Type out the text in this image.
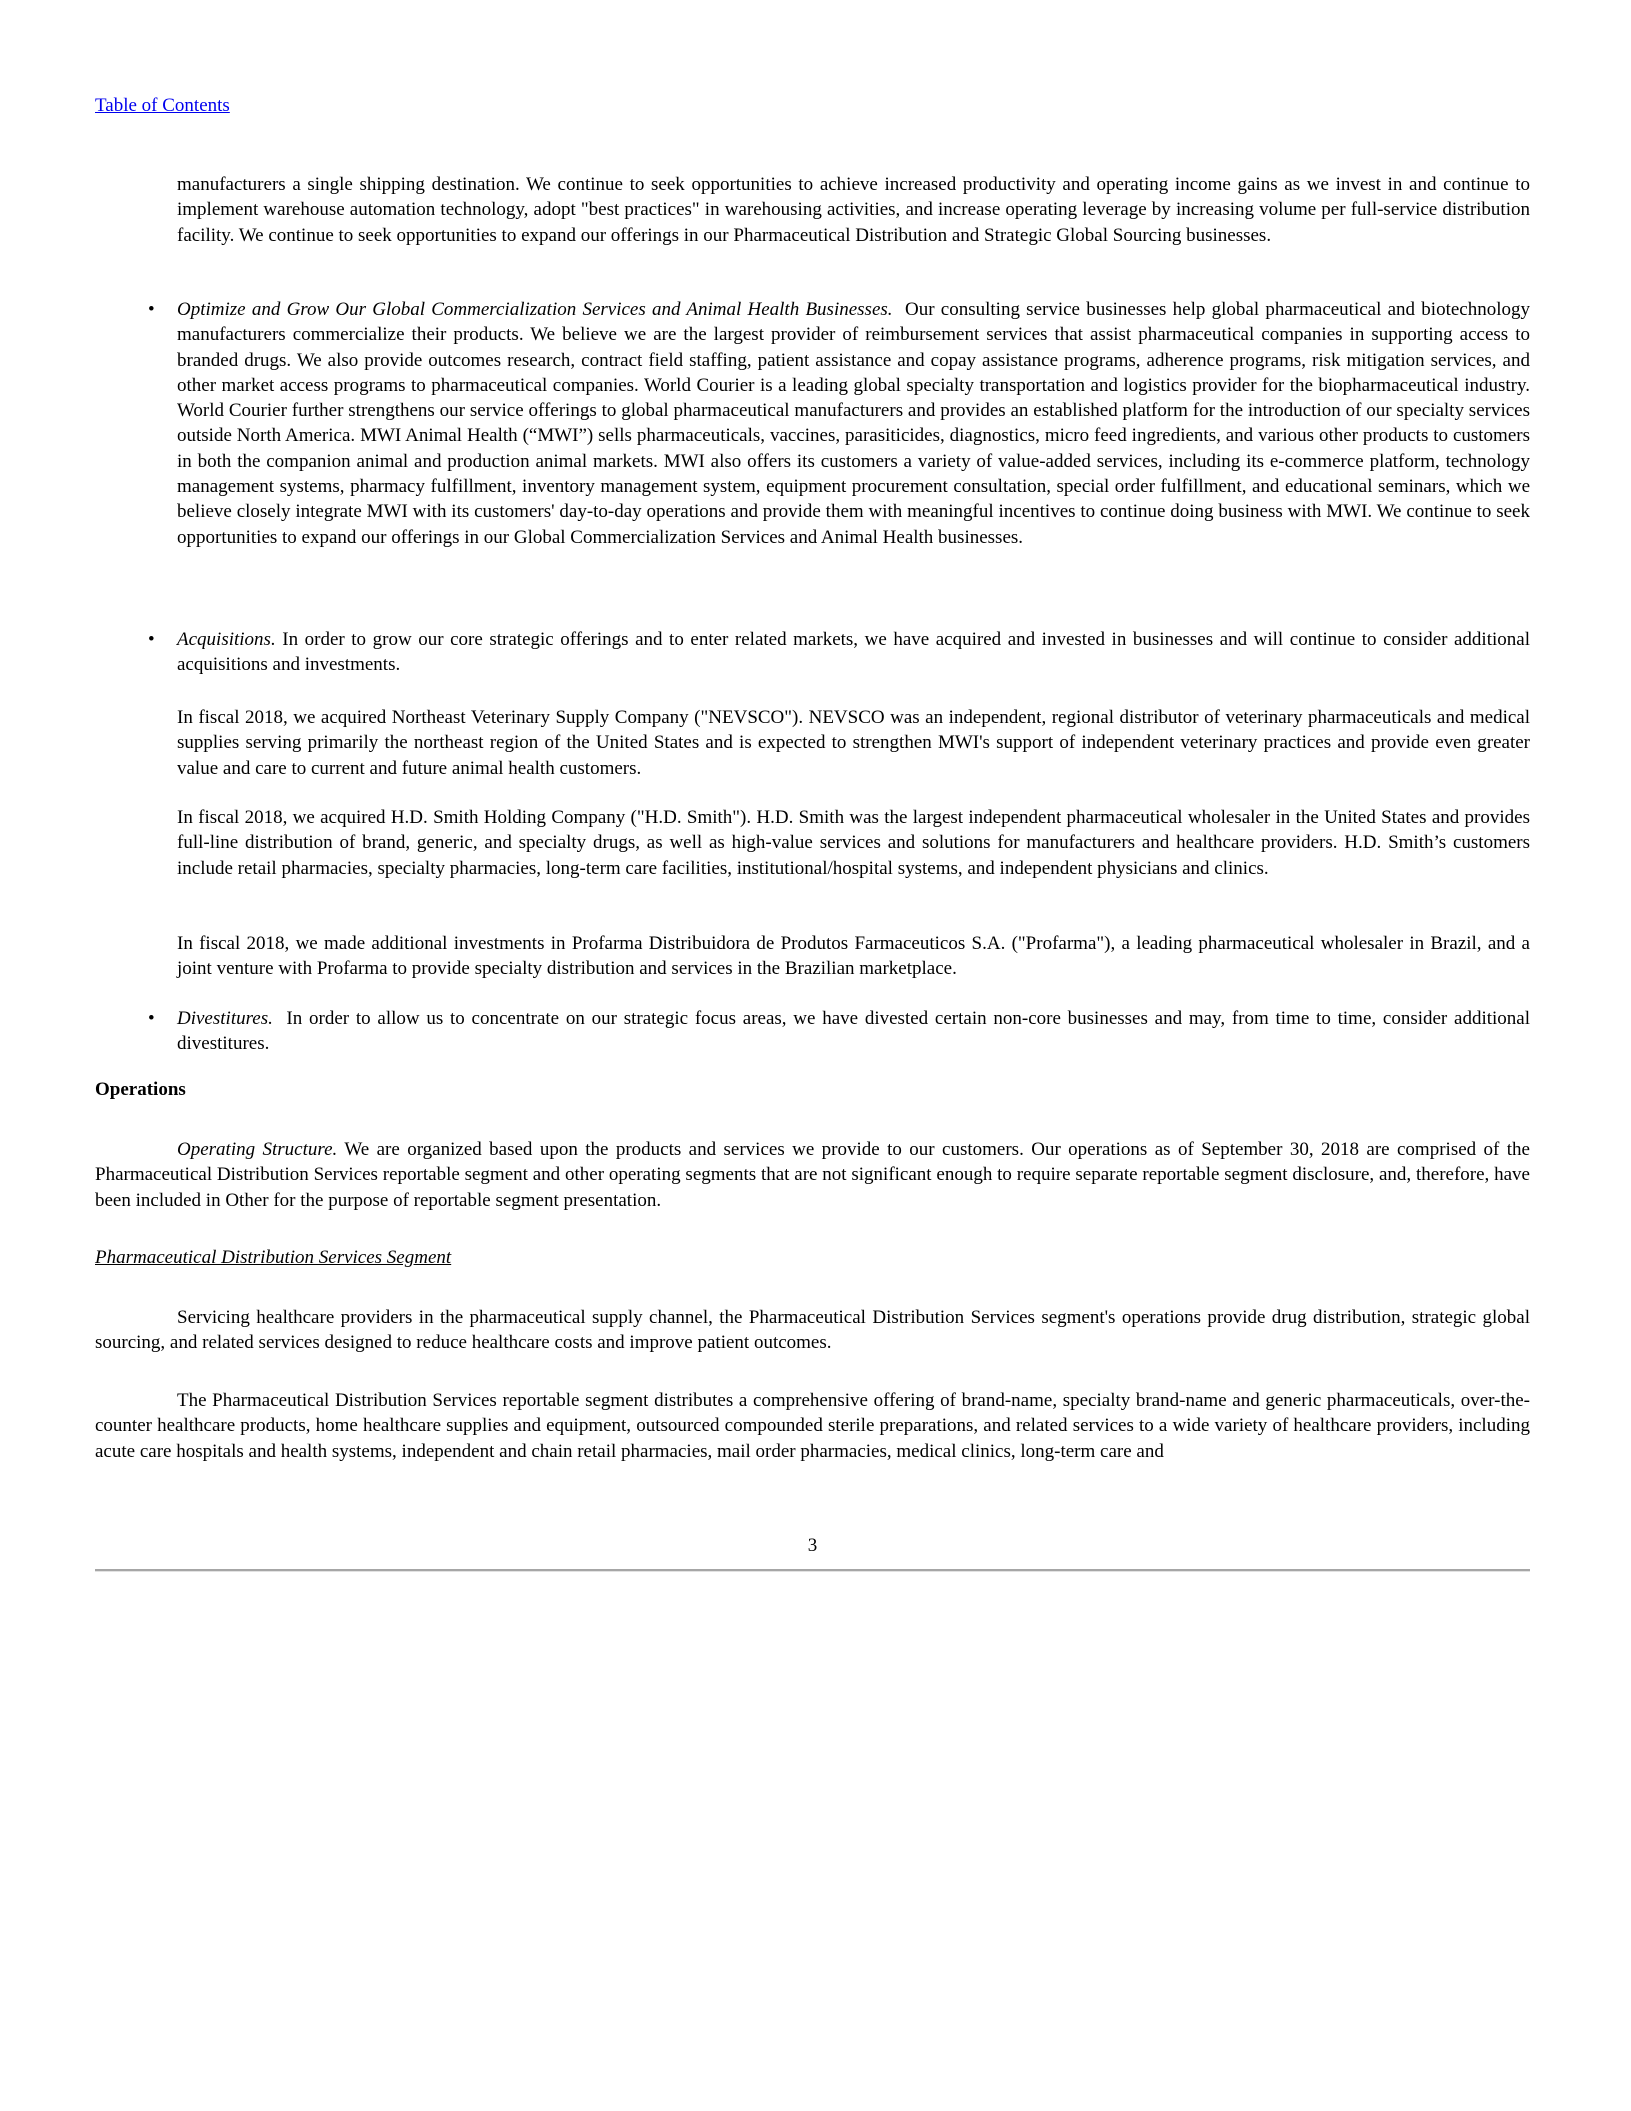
Table of Contents

manufacturers a single shipping destination. We continue to seek opportunities to achieve increased productivity and operating income gains as we invest in and continue to implement warehouse automation technology, adopt "best practices" in warehousing activities, and increase operating leverage by increasing volume per full-service distribution facility. We continue to seek opportunities to expand our offerings in our Pharmaceutical Distribution and Strategic Global Sourcing businesses.

• Optimize and Grow Our Global Commercialization Services and Animal Health Businesses.  Our consulting service businesses help global pharmaceutical and biotechnology manufacturers commercialize their products. We believe we are the largest provider of reimbursement services that assist pharmaceutical companies in supporting access to branded drugs. We also provide outcomes research, contract field staffing, patient assistance and copay assistance programs, adherence programs, risk mitigation services, and other market access programs to pharmaceutical companies. World Courier is a leading global specialty transportation and logistics provider for the biopharmaceutical industry. World Courier further strengthens our service offerings to global pharmaceutical manufacturers and provides an established platform for the introduction of our specialty services outside North America. MWI Animal Health (“MWI”) sells pharmaceuticals, vaccines, parasiticides, diagnostics, micro feed ingredients, and various other products to customers in both the companion animal and production animal markets. MWI also offers its customers a variety of value-added services, including its e-commerce platform, technology management systems, pharmacy fulfillment, inventory management system, equipment procurement consultation, special order fulfillment, and educational seminars, which we believe closely integrate MWI with its customers' day-to-day operations and provide them with meaningful incentives to continue doing business with MWI. We continue to seek opportunities to expand our offerings in our Global Commercialization Services and Animal Health businesses.

• Acquisitions. In order to grow our core strategic offerings and to enter related markets, we have acquired and invested in businesses and will continue to consider additional acquisitions and investments.

In fiscal 2018, we acquired Northeast Veterinary Supply Company ("NEVSCO"). NEVSCO was an independent, regional distributor of veterinary pharmaceuticals and medical supplies serving primarily the northeast region of the United States and is expected to strengthen MWI's support of independent veterinary practices and provide even greater value and care to current and future animal health customers.

In fiscal 2018, we acquired H.D. Smith Holding Company ("H.D. Smith"). H.D. Smith was the largest independent pharmaceutical wholesaler in the United States and provides full-line distribution of brand, generic, and specialty drugs, as well as high-value services and solutions for manufacturers and healthcare providers. H.D. Smith’s customers include retail pharmacies, specialty pharmacies, long-term care facilities, institutional/hospital systems, and independent physicians and clinics.

In fiscal 2018, we made additional investments in Profarma Distribuidora de Produtos Farmaceuticos S.A. ("Profarma"), a leading pharmaceutical wholesaler in Brazil, and a joint venture with Profarma to provide specialty distribution and services in the Brazilian marketplace.

• Divestitures.  In order to allow us to concentrate on our strategic focus areas, we have divested certain non-core businesses and may, from time to time, consider additional divestitures.

Operations

Operating Structure. We are organized based upon the products and services we provide to our customers. Our operations as of September 30, 2018 are comprised of the Pharmaceutical Distribution Services reportable segment and other operating segments that are not significant enough to require separate reportable segment disclosure, and, therefore, have been included in Other for the purpose of reportable segment presentation.

Pharmaceutical Distribution Services Segment

Servicing healthcare providers in the pharmaceutical supply channel, the Pharmaceutical Distribution Services segment's operations provide drug distribution, strategic global sourcing, and related services designed to reduce healthcare costs and improve patient outcomes.

The Pharmaceutical Distribution Services reportable segment distributes a comprehensive offering of brand-name, specialty brand-name and generic pharmaceuticals, over-the-counter healthcare products, home healthcare supplies and equipment, outsourced compounded sterile preparations, and related services to a wide variety of healthcare providers, including acute care hospitals and health systems, independent and chain retail pharmacies, mail order pharmacies, medical clinics, long-term care and

3
